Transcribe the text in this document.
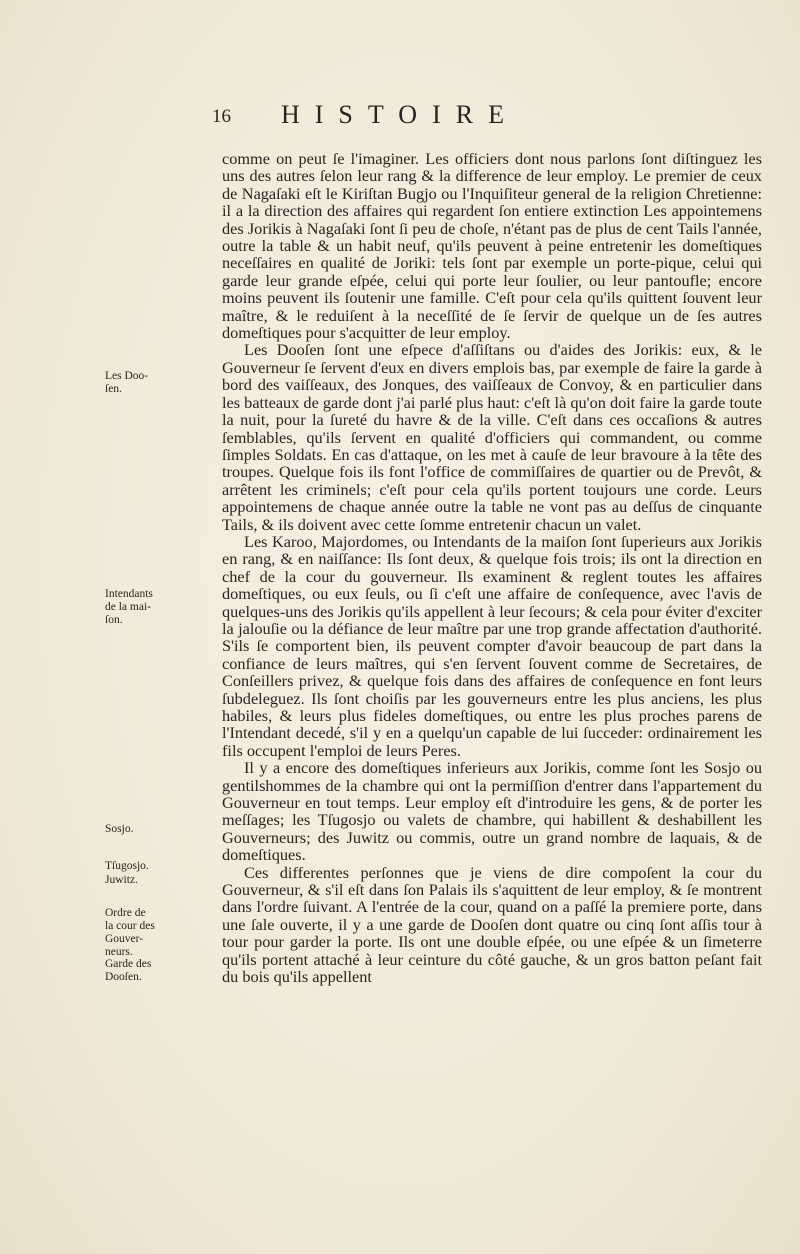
16 HISTOIRE
Les Doo-
ſen.
Intendants
de la mai-
ſon.
Sosjo.
Tſugosjo.
Juwitz.
Ordre de
la cour des
Gouver-
neurs.
Garde des
Dooſen.

comme on peut ſe l'imaginer. Les officiers dont nous parlons ſont diſtinguez les uns des autres ſelon leur rang & la difference de leur employ. Le premier de ceux de Nagaſaki eſt le Kiriſtan Bugjo ou l'Inquiſiteur general de la religion Chretienne: il a la direction des affaires qui regardent ſon entiere extinction Les appointemens des Jorikis à Nagaſaki ſont ſi peu de choſe, n'étant pas de plus de cent Tails l'année, outre la table & un habit neuf, qu'ils peuvent à peine entretenir les domeſtiques neceſſaires en qualité de Joriki: tels ſont par exemple un porte-pique, celui qui garde leur grande eſpée, celui qui porte leur ſoulier, ou leur pantoufle; encore moins peuvent ils ſoutenir une famille. C'eſt pour cela qu'ils quittent ſouvent leur maître, & le reduiſent à la neceſſité de ſe ſervir de quelque un de ſes autres domeſtiques pour s'acquitter de leur employ.

Les Dooſen ſont une eſpece d'aſſiſtans ou d'aides des Jorikis: eux, & le Gouverneur ſe ſervent d'eux en divers emplois bas, par exemple de faire la garde à bord des vaiſſeaux, des Jonques, des vaiſſeaux de Convoy, & en particulier dans les batteaux de garde dont j'ai parlé plus haut: c'eſt là qu'on doit faire la garde toute la nuit, pour la ſureté du havre & de la ville. C'eſt dans ces occaſions & autres ſemblables, qu'ils ſervent en qualité d'officiers qui commandent, ou comme ſimples Soldats. En cas d'attaque, on les met à cauſe de leur bravoure à la tête des troupes. Quelque fois ils font l'office de commiſſaires de quartier ou de Prevôt, & arrêtent les criminels; c'eſt pour cela qu'ils portent toujours une corde. Leurs appointemens de chaque année outre la table ne vont pas au deſſus de cinquante Tails, & ils doivent avec cette ſomme entretenir chacun un valet.

Les Karoo, Majordomes, ou Intendants de la maiſon ſont ſuperieurs aux Jorikis en rang, & en naiſſance: Ils ſont deux, & quelque fois trois; ils ont la direction en chef de la cour du gouverneur. Ils examinent & reglent toutes les affaires domeſtiques, ou eux ſeuls, ou ſi c'eſt une affaire de conſequence, avec l'avis de quelques-uns des Jorikis qu'ils appellent à leur ſecours; & cela pour éviter d'exciter la jalouſie ou la défiance de leur maître par une trop grande affectation d'authorité. S'ils ſe comportent bien, ils peuvent compter d'avoir beaucoup de part dans la confiance de leurs maîtres, qui s'en ſervent ſouvent comme de Secretaires, de Conſeillers privez, & quelque fois dans des affaires de conſequence en font leurs ſubdeleguez. Ils ſont choiſis par les gouverneurs entre les plus anciens, les plus habiles, & leurs plus fideles domeſtiques, ou entre les plus proches parens de l'Intendant decedé, s'il y en a quelqu'un capable de lui ſucceder: ordinairement les fils occupent l'emploi de leurs Peres.

Il y a encore des domeſtiques inferieurs aux Jorikis, comme ſont les Sosjo ou gentilshommes de la chambre qui ont la permiſſion d'entrer dans l'appartement du Gouverneur en tout temps. Leur employ eſt d'introduire les gens, & de porter les meſſages; les Tſugosjo ou valets de chambre, qui habillent & deshabillent les Gouverneurs; des Juwitz ou commis, outre un grand nombre de laquais, & de domeſtiques.

Ces differentes perſonnes que je viens de dire compoſent la cour du Gouverneur, & s'il eſt dans ſon Palais ils s'aquittent de leur employ, & ſe montrent dans l'ordre ſuivant. A l'entrée de la cour, quand on a paſſé la premiere porte, dans une ſale ouverte, il y a une garde de Dooſen dont quatre ou cinq ſont aſſis tour à tour pour garder la porte. Ils ont une double eſpée, ou une eſpée & un ſimeterre qu'ils portent attaché à leur ceinture du côté gauche, & un gros batton peſant fait du bois qu'ils appellent
